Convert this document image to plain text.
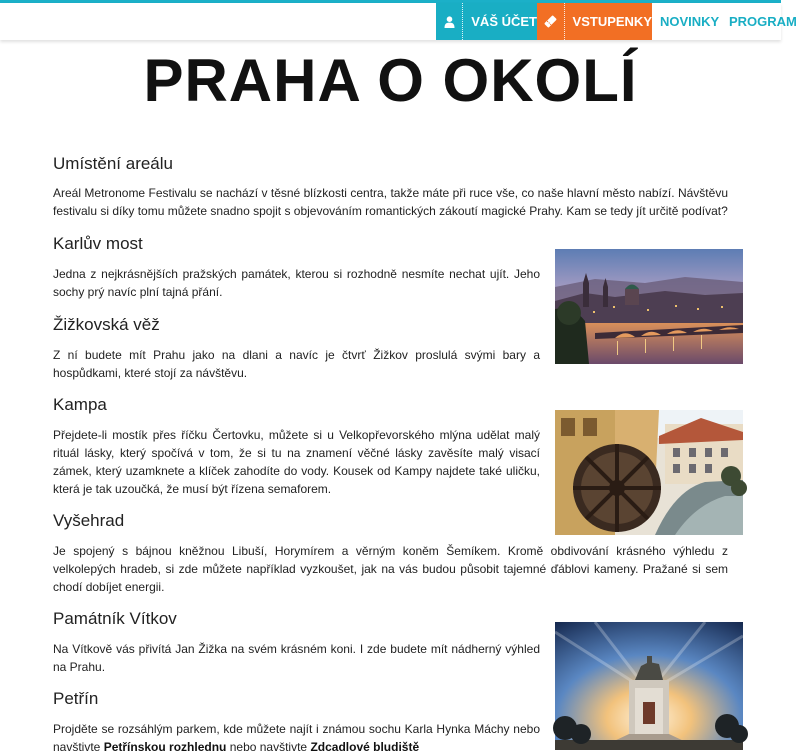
VÁŠ ÚČET	VSTUPENKY NOVINKY PROGRAM
PRAHA O OKOLÍ
Umístění areálu

Areál Metronome Festivalu se nachází v těsné blízkosti centra, takže máte při ruce vše, co naše hlavní město nabízí. Návštěvu festivalu si díky tomu můžete snadno spojit s objevováním romantických zákoutí magické Prahy. Kam se tedy jít určitě podívat?

Karlův most

Jedna z nejkrásnějších pražských památek, kterou si rozhodně nesmíte nechat ujít. Jeho sochy prý navíc plní tajná přání.

Žižkovská věž

Z ní budete mít Prahu jako na dlani a navíc je čtvrť Žižkov proslulá svými bary a hospůdkami, které stojí za návštěvu.

Kampa

Přejdete-li mostík přes říčku Čertovku, můžete si u Velkopřevorského mlýna udělat malý rituál lásky, který spočívá v tom, že si tu na znamení věčné lásky zavěsíte malý visací zámek, který uzamknete a klíček zahodíte do vody. Kousek od Kampy najdete také uličku, která je tak uzoučká, že musí být řízena semaforem.

Vyšehrad

Je spojený s bájnou kněžnou Libuší, Horymírem a věrným koněm Šemíkem. Kromě obdivování krásného výhledu z velkolepých hradeb, si zde můžete například vyzkoušet, jak na vás budou působit tajemné ďáblovi kameny. Pražané si sem chodí dobíjet energii.

Památník Vítkov

Na Vítkově vás přivítá Jan Žižka na svém krásném koni. I zde budete mít nádherný výhled na Prahu.

Petřín

Projděte se rozsáhlým parkem, kde můžete najít i známou sochu Karla Hynka Máchy nebo navštivte Petřínskou rozhlednu nebo navštivte Zdcadlové bludiště
